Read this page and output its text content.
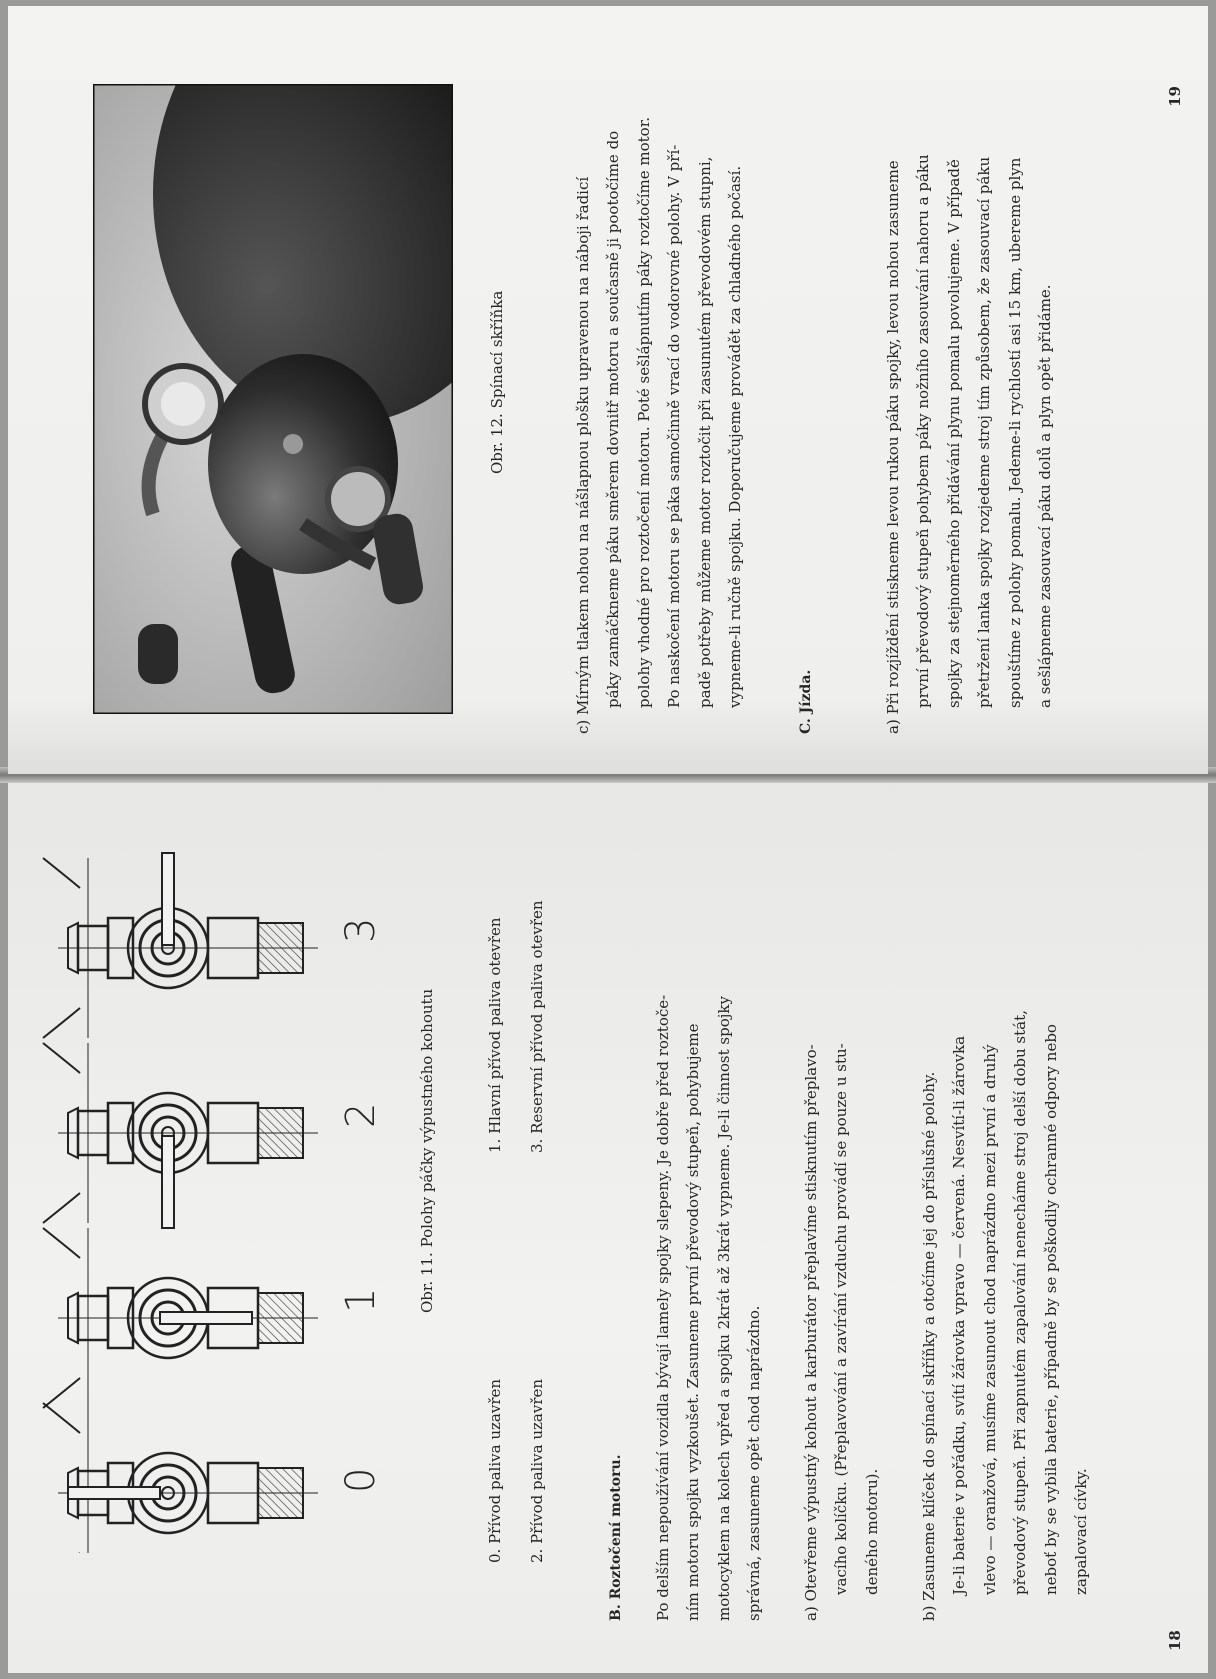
18
0
1
2
3
Obr. 11. Polohy páčky výpustného kohoutu
0. Přívod paliva uzavřen
1. Hlavní přívod paliva otevřen
2. Přívod paliva uzavřen
3. Reservní přívod paliva otevřen
B. Roztočení motoru.	Po delším nepoužívání vozidla bývají lamely spojky slepeny. Je dobře před roztoče- ním motoru spojku vyzkoušet. Zasuneme první převodový stupeň, pohybujeme motocyklem na kolech vpřed a spojku 2krát až 3krát vypneme. Je-li činnost spojky správná, zasuneme opět chod naprázdno.	a) Otevřeme výpustný kohout a karburátor přeplavíme stisknutím přeplavo- vacího kolíčku. (Přeplavování a zavírání vzduchu provádí se pouze u stu- deného motoru).	b) Zasuneme klíček do spínací skříňky a otočíme jej do příslušné polohy. Je-li baterie v pořádku, svítí žárovka vpravo — červená. Nesvítí-li žárovka vlevo — oranžová, musíme zasunout chod naprázdno mezi první a druhý převodový stupeň. Při zapnutém zapalování nenecháme stroj delší dobu stát, neboť by se vybila baterie, případně by se poškodily ochranné odpory nebo zapalovací cívky.

19
Obr. 12. Spínací skříňka	c) Mírným tlakem nohou na nášlapnou plošku upravenou na náboji řadicí páky zamáčkneme páku směrem dovnitř motoru a současně ji pootočíme do polohy vhodné pro roztočení motoru. Poté sešlápnutím páky roztočíme motor. Po naskočení motoru se páka samočinně vrací do vodorovné polohy. V pří- padě potřeby můžeme motor roztočit při zasunutém převodovém stupni, vypneme-li ručně spojku. Doporučujeme provádět za chladného počasí.	C. Jízda.	a) Při rozjíždění stiskneme levou rukou páku spojky, levou nohou zasuneme první převodový stupeň pohybem páky nožního zasouvání nahoru a páku spojky za stejnoměrného přidávání plynu pomalu povolujeme. V případě přetržení lanka spojky rozjedeme stroj tím způsobem, že zasouvací páku spouštíme z polohy pomalu. Jedeme-li rychlostí asi 15 km, ubereme plyn a sešlápneme zasouvací páku dolů a plyn opět přidáme.
